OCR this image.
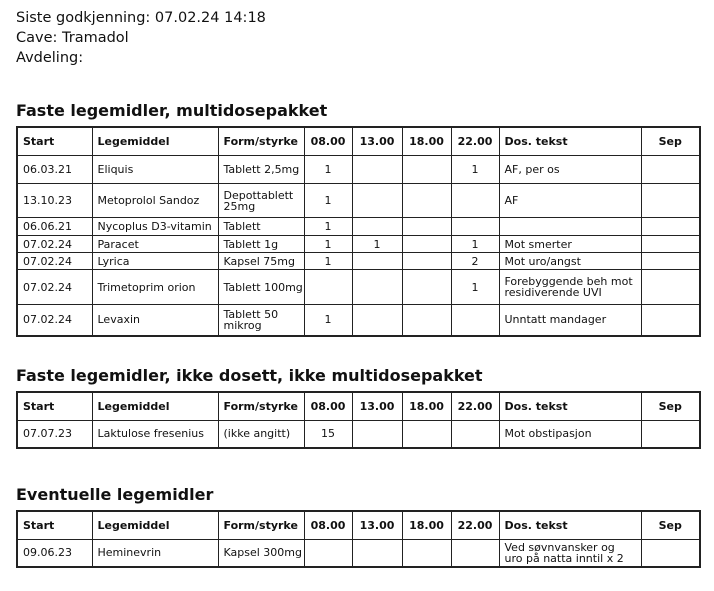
Siste godkjenning: 07.02.24 14:18
Cave: Tramadol
Avdeling:
Faste legemidler, multidosepakket
Start	Legemiddel	Form/styrke	08.00	13.00	18.00	22.00	Dos. tekst	Sep
06.03.21	Eliquis	Tablett 2,5mg	1			1	AF, per os	
13.10.23	Metoprolol Sandoz	Depottablett 25mg	1				AF	
06.06.21	Nycoplus D3-vitamin	Tablett	1					
07.02.24	Paracet	Tablett 1g	1	1		1	Mot smerter	
07.02.24	Lyrica	Kapsel 75mg	1			2	Mot uro/angst	
07.02.24	Trimetoprim orion	Tablett 100mg				1	Forebyggende beh mot residiverende UVI	
07.02.24	Levaxin	Tablett 50 mikrog	1				Unntatt mandager	
Faste legemidler, ikke dosett, ikke multidosepakket
Start	Legemiddel	Form/styrke	08.00	13.00	18.00	22.00	Dos. tekst	Sep
07.07.23	Laktulose fresenius	(ikke angitt)	15				Mot obstipasjon	
Eventuelle legemidler
Start	Legemiddel	Form/styrke	08.00	13.00	18.00	22.00	Dos. tekst	Sep
09.06.23	Heminevrin	Kapsel 300mg					Ved søvnvansker og uro på natta inntil x 2	
